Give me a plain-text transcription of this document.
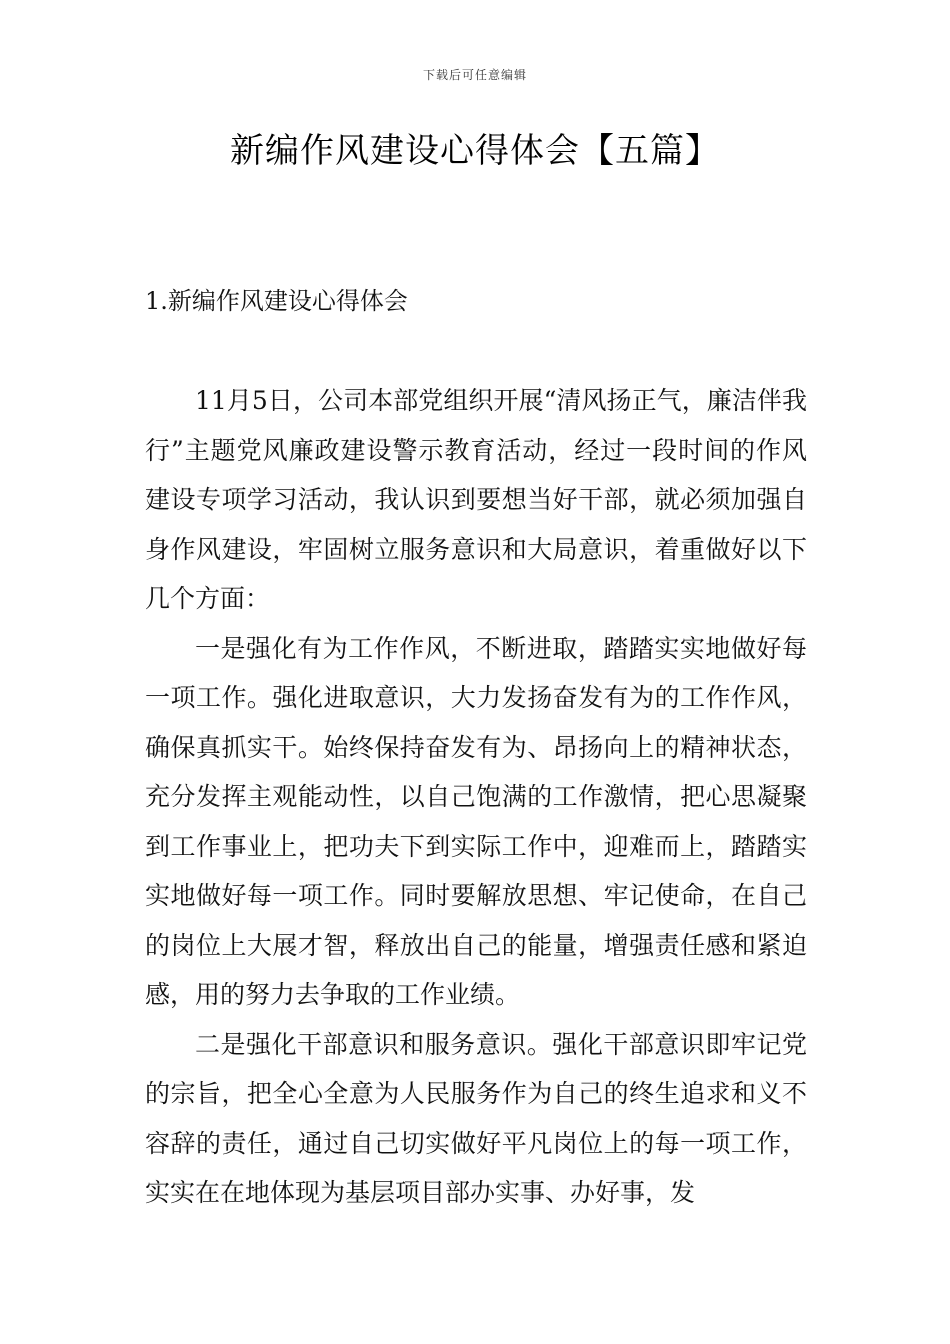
下载后可任意编辑
新编作风建设心得体会【五篇】
1.新编作风建设心得体会

11月5日，公司本部党组织开展“清风扬正气，廉洁伴我行”主题党风廉政建设警示教育活动，经过一段时间的作风建设专项学习活动，我认识到要想当好干部，就必须加强自身作风建设，牢固树立服务意识和大局意识，着重做好以下几个方面：

一是强化有为工作作风，不断进取，踏踏实实地做好每一项工作。强化进取意识，大力发扬奋发有为的工作作风，确保真抓实干。始终保持奋发有为、昂扬向上的精神状态，充分发挥主观能动性，以自己饱满的工作激情，把心思凝聚到工作事业上，把功夫下到实际工作中，迎难而上，踏踏实实地做好每一项工作。同时要解放思想、牢记使命，在自己的岗位上大展才智，释放出自己的能量，增强责任感和紧迫感，用的努力去争取的工作业绩。

二是强化干部意识和服务意识。强化干部意识即牢记党的宗旨，把全心全意为人民服务作为自己的终生追求和义不容辞的责任，通过自己切实做好平凡岗位上的每一项工作，实实在在地体现为基层项目部办实事、办好事，发
